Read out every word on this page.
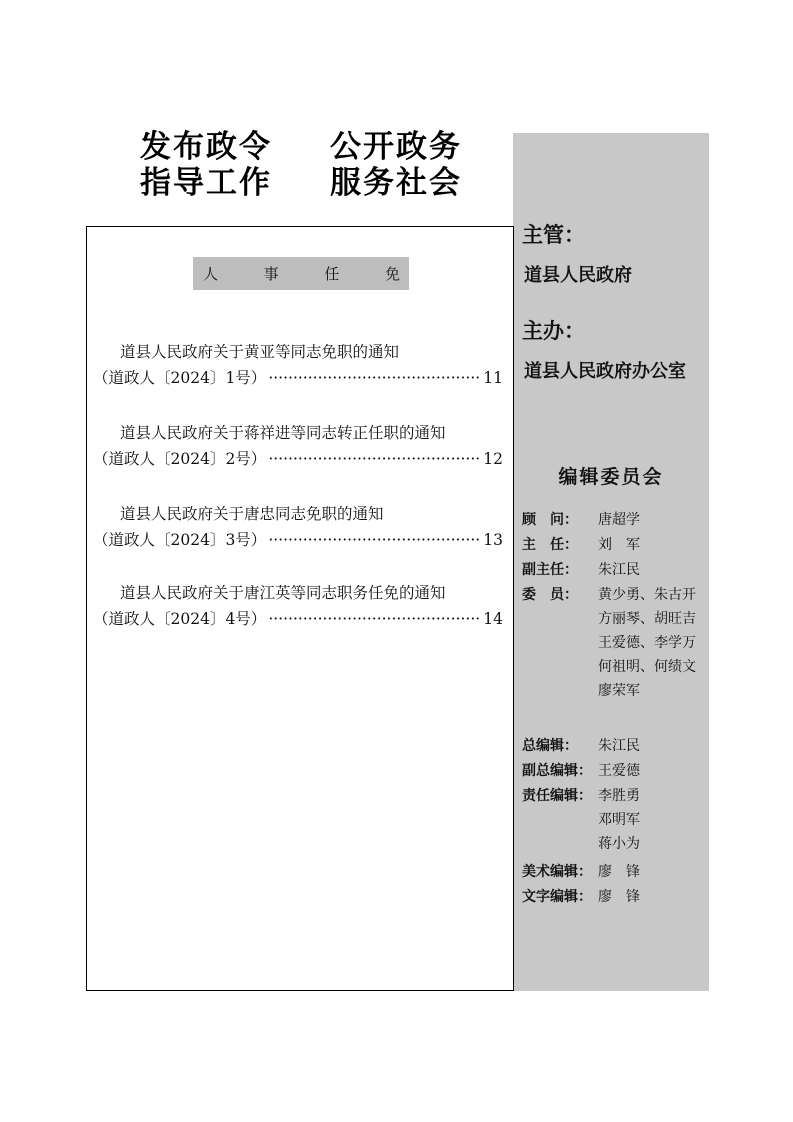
发布政令 公开政务
指导工作 服务社会
人	事	任	免
道县人民政府关于黄亚等同志免职的通知
（道政人〔2024〕1号） ·····	11
道县人民政府关于蒋祥进等同志转正任职的通知
（道政人〔2024〕2号） ·····	12
道县人民政府关于唐忠同志免职的通知
（道政人〔2024〕3号） ·····	13
道县人民政府关于唐江英等同志职务任免的通知
（道政人〔2024〕4号） ·····	14
主管：
道县人民政府
主办：
道县人民政府办公室
编辑委员会
顾　问：	唐超学
主　任：	刘　军
副主任：	朱江民
委　员：	黄少勇、朱古开
方丽琴、胡旺吉
王爱德、李学万
何祖明、何绩文
廖荣军
总编辑：	朱江民
副总编辑： 王爱德
责任编辑： 李胜勇
邓明军
蒋小为
美术编辑： 廖　锋
文字编辑： 廖　锋
